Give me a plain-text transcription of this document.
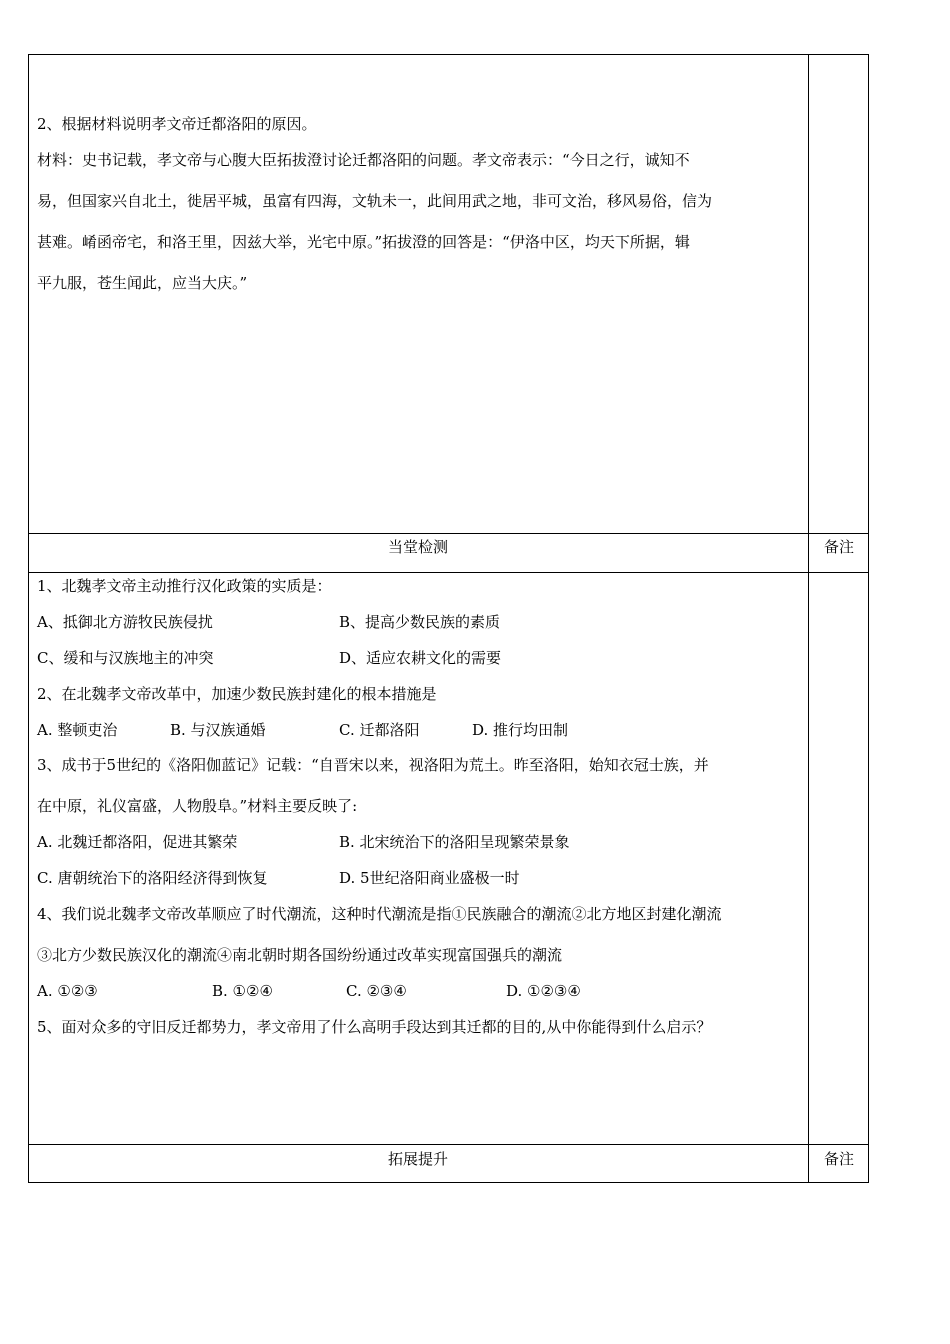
2、根据材料说明孝文帝迁都洛阳的原因。
材料：史书记载，孝文帝与心腹大臣拓拔澄讨论迁都洛阳的问题。孝文帝表示：“今日之行，诚知不
易，但国家兴自北土，徙居平城，虽富有四海，文轨未一，此间用武之地，非可文治，移风易俗，信为
甚难。崤函帝宅，和洛王里，因兹大举，光宅中原。”拓拔澄的回答是：“伊洛中区，均天下所据，辑
平九服，苍生闻此，应当大庆。”
当堂检测	备注
1、北魏孝文帝主动推行汉化政策的实质是：
A、抵御北方游牧民族侵扰	B、提高少数民族的素质
C、缓和与汉族地主的冲突	D、适应农耕文化的需要
2、在北魏孝文帝改革中，加速少数民族封建化的根本措施是
A. 整顿吏治	B. 与汉族通婚	C. 迁都洛阳	D. 推行均田制
3、成书于5世纪的《洛阳伽蓝记》记载：“自晋宋以来，视洛阳为荒土。昨至洛阳，始知衣冠士族，并
在中原，礼仪富盛，人物殷阜。”材料主要反映了:
A. 北魏迁都洛阳，促进其繁荣	B. 北宋统治下的洛阳呈现繁荣景象
C. 唐朝统治下的洛阳经济得到恢复	D. 5世纪洛阳商业盛极一时
4、我们说北魏孝文帝改革顺应了时代潮流，这种时代潮流是指①民族融合的潮流②北方地区封建化潮流
③北方少数民族汉化的潮流④南北朝时期各国纷纷通过改革实现富国强兵的潮流
A. ①②③	B. ①②④	C. ②③④	D. ①②③④
5、面对众多的守旧反迁都势力，孝文帝用了什么高明手段达到其迁都的目的,从中你能得到什么启示？
拓展提升	备注
